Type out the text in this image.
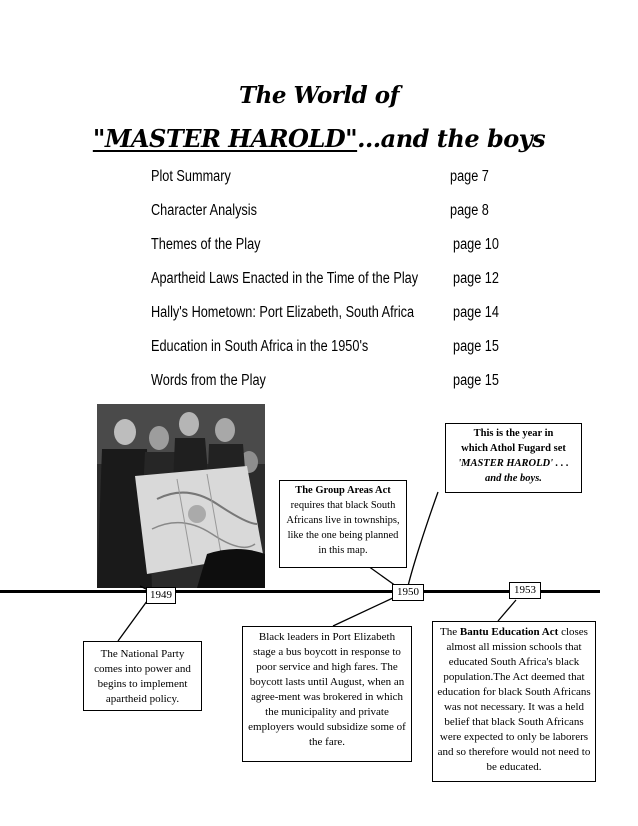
The World of
"MASTER HAROLD"…and the boys
Plot Summary	page 7
Character Analysis	page 8
Themes of the Play	page 10
Apartheid Laws Enacted in the Time of the Play page 12
Hally's Hometown: Port Elizabeth, South Africa	page 14
Education in South Africa in the 1950's	page 15
Words from the Play	page 15
1949	1950	1953
This is the year in
which Athol Fugard set
'MASTER HAROLD' . . .
and the boys.
The Group Areas Act requires that black South Africans live in townships, like the one being planned in this map.
The National Party comes into power and begins to implement apartheid policy.
Black leaders in Port Elizabeth stage a bus boycott in response to poor service and high fares. The boycott lasts until August, when an agree-ment was brokered in which the municipality and private employers would subsidize some of the fare.
The Bantu Education Act closes almost all mission schools that educated South Africa's black population.The Act deemed that education for black South Africans was not necessary. It was a held belief that black South Africans were expected to only be laborers and so therefore would not need to be educated.
